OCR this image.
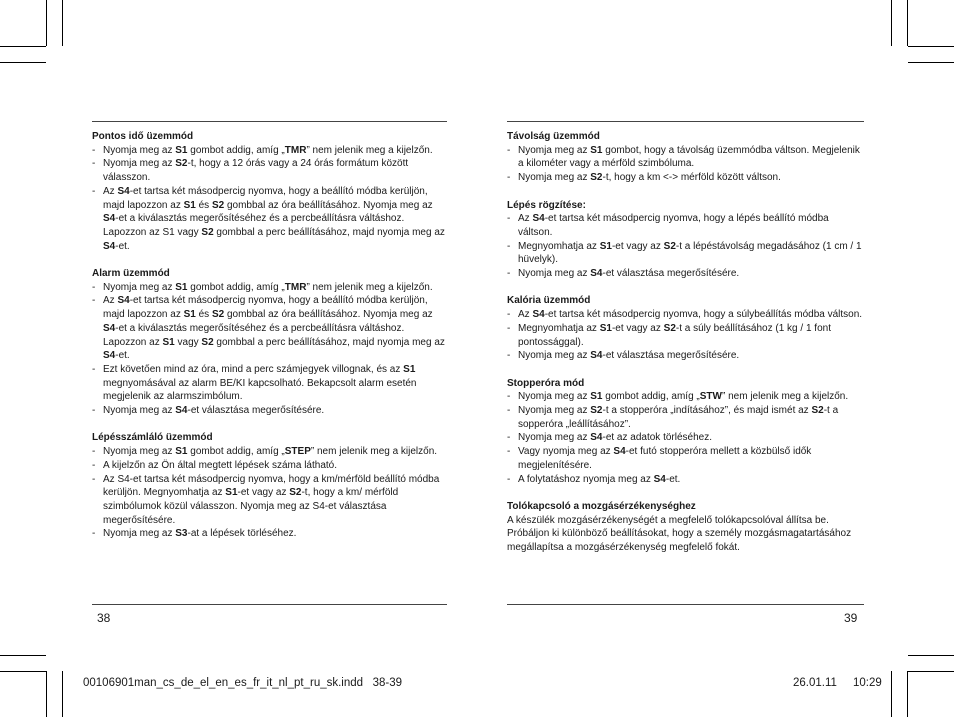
Pontos idő üzemmód
- Nyomja meg az S1 gombot addig, amíg „TMR” nem jelenik meg a kijelzőn.
- Nyomja meg az S2-t, hogy a 12 órás vagy a 24 órás formátum között válasszon.
- Az S4-et tartsa két másodpercig nyomva, hogy a beállító módba kerüljön, majd lapozzon az S1 és S2 gombbal az óra beállításához. Nyomja meg az S4-et a kiválasztás megerősítéséhez és a percbeállításra váltáshoz. Lapozzon az S1 vagy S2 gombbal a perc beállításához, majd nyomja meg az S4-et.
Alarm üzemmód
- Nyomja meg az S1 gombot addig, amíg „TMR” nem jelenik meg a kijelzőn.
- Az S4-et tartsa két másodpercig nyomva, hogy a beállító módba kerüljön, majd lapozzon az S1 és S2 gombbal az óra beállításához. Nyomja meg az S4-et a kiválasztás megerősítéséhez és a percbeállításra váltáshoz. Lapozzon az S1 vagy S2 gombbal a perc beállításához, majd nyomja meg az S4-et.
- Ezt követően mind az óra, mind a perc számjegyek villognak, és az S1 megnyomásával az alarm BE/KI kapcsolható. Bekapcsolt alarm esetén megjelenik az alarmszimbólum.
- Nyomja meg az S4-et választása megerősítésére.
Lépésszámláló üzemmód
- Nyomja meg az S1 gombot addig, amíg „STEP” nem jelenik meg a kijelzőn.
- A kijelzőn az Ön által megtett lépések száma látható.
- Az S4-et tartsa két másodpercig nyomva, hogy a km/mérföld beállító módba kerüljön. Megnyomhatja az S1-et vagy az S2-t, hogy a km/ mérföld szimbólumok közül válasszon. Nyomja meg az S4-et választása megerősítésére.
- Nyomja meg az S3-at a lépések törléséhez.
Távolság üzemmód
- Nyomja meg az S1 gombot, hogy a távolság üzemmódba váltson. Megjelenik a kilométer vagy a mérföld szimbóluma.
- Nyomja meg az S2-t, hogy a km <-> mérföld között váltson.
Lépés rögzítése:
- Az S4-et tartsa két másodpercig nyomva, hogy a lépés beállító módba váltson.
- Megnyomhatja az S1-et vagy az S2-t a lépéstávolság megadásához (1 cm / 1 hüvelyk).
- Nyomja meg az S4-et választása megerősítésére.
Kalória üzemmód
- Az S4-et tartsa két másodpercig nyomva, hogy a súlybeállítás módba váltson.
- Megnyomhatja az S1-et vagy az S2-t a súly beállításához (1 kg / 1 font pontossággal).
- Nyomja meg az S4-et választása megerősítésére.
Stopperóra mód
- Nyomja meg az S1 gombot addig, amíg „STW” nem jelenik meg a kijelzőn.
- Nyomja meg az S2-t a stopperóra „indításához”, és majd ismét az S2-t a sopperóra „leállításához”.
- Nyomja meg az S4-et az adatok törléséhez.
- Vagy nyomja meg az S4-et futó stopperóra mellett a közbülső idők megjelenítésére.
- A folytatáshoz nyomja meg az S4-et.
Tolókapcsoló a mozgásérzékenységhez
A készülék mozgásérzékenységét a megfelelő tolókapcsolóval állítsa be. Próbáljon ki különböző beállításokat, hogy a személy mozgásmagatartásához megállapítsa a mozgásérzékenység megfelelő fokát.
38	39
00106901man_cs_de_el_en_es_fr_it_nl_pt_ru_sk.indd   38-39	26.01.11 10:29
